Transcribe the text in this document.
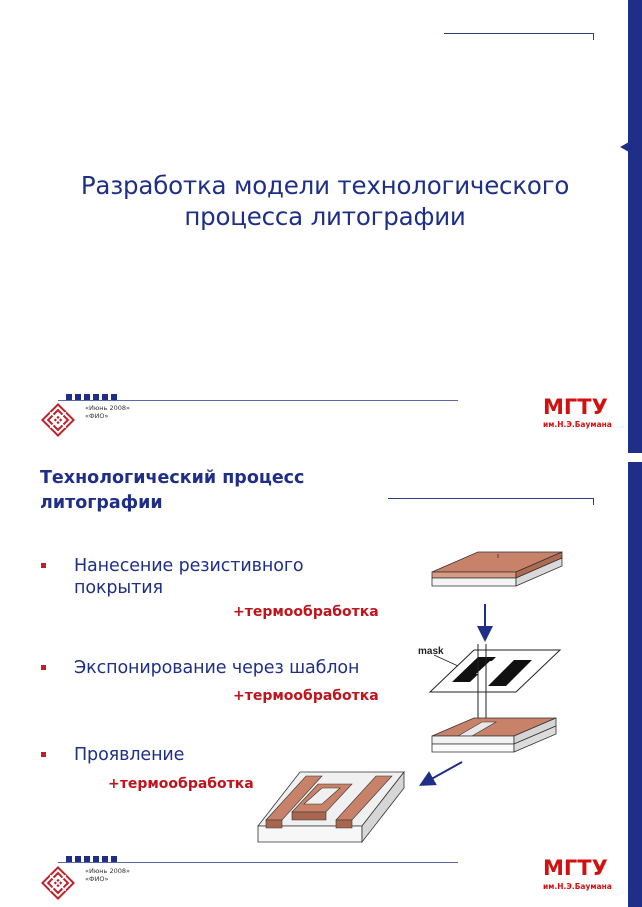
Разработка модели технологического
процесса литографии
«Июнь 2008»
«ФИО»	МГТУ
им.Н.Э.Баумана
Технологический процесс
литографии
Нанесение резистивного
покрытия
+термообработка
Экспонирование через шаблон
+термообработка
Проявление
+термообработка
mask
«Июнь 2008»
«ФИО»	МГТУ
им.Н.Э.Баумана
